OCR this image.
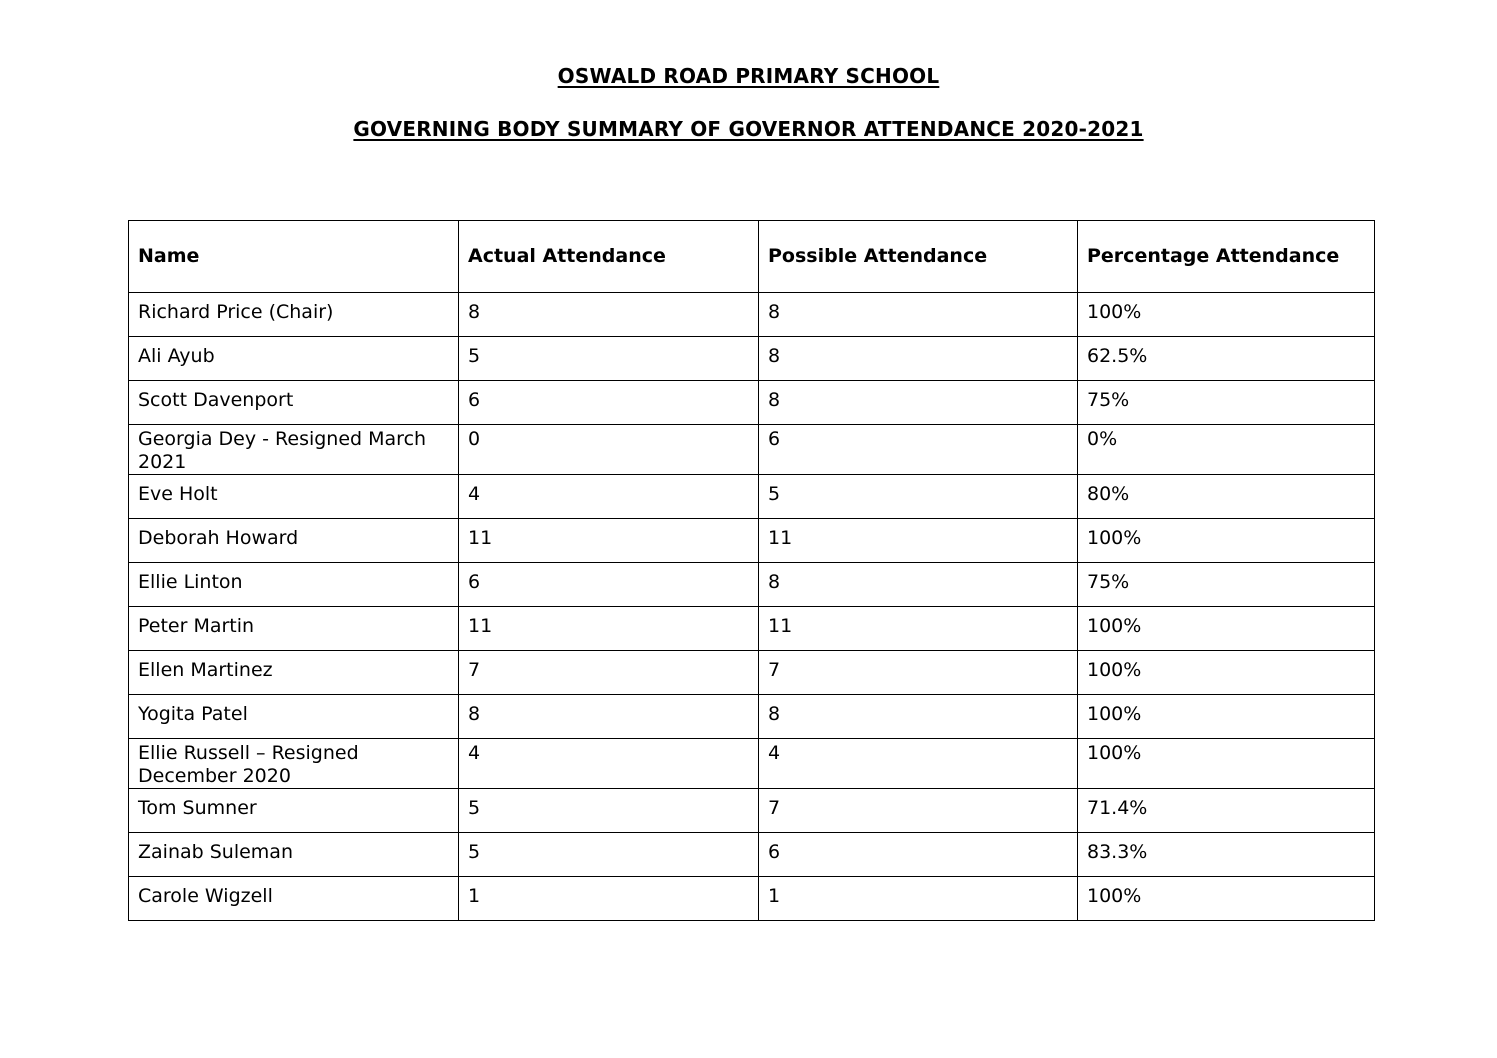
OSWALD ROAD PRIMARY SCHOOL
GOVERNING BODY SUMMARY OF GOVERNOR ATTENDANCE 2020-2021
Name	Actual Attendance	Possible Attendance	Percentage Attendance
Richard Price (Chair)	8	8	100%
Ali Ayub	5	8	62.5%
Scott Davenport	6	8	75%
Georgia Dey - Resigned March 2021	0	6	0%
Eve Holt	4	5	80%
Deborah Howard	11	11	100%
Ellie Linton	6	8	75%
Peter Martin	11	11	100%
Ellen Martinez	7	7	100%
Yogita Patel	8	8	100%
Ellie Russell – Resigned December 2020	4	4	100%
Tom Sumner	5	7	71.4%
Zainab Suleman	5	6	83.3%
Carole Wigzell	1	1	100%
